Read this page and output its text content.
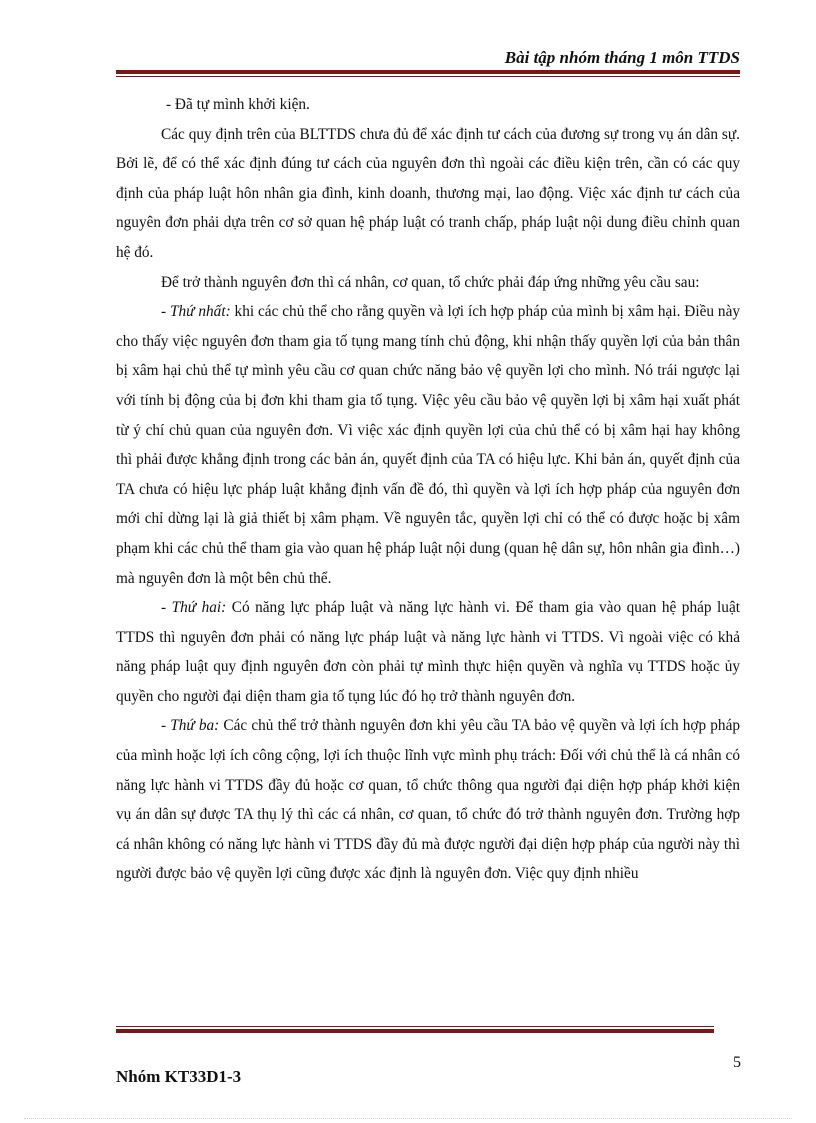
Bài tập nhóm tháng 1 môn TTDS

- Đã tự mình khởi kiện.

Các quy định trên của BLTTDS chưa đủ để xác định tư cách của đương sự trong vụ án dân sự. Bởi lẽ, để có thể xác định đúng tư cách của nguyên đơn thì ngoài các điều kiện trên, cần có các quy định của pháp luật hôn nhân gia đình, kinh doanh, thương mại, lao động. Việc xác định tư cách của nguyên đơn phải dựa trên cơ sở quan hệ pháp luật có tranh chấp, pháp luật nội dung điều chỉnh quan hệ đó.

Để trở thành nguyên đơn thì cá nhân, cơ quan, tổ chức phải đáp ứng những yêu cầu sau:

- Thứ nhất: khi các chủ thể cho rằng quyền và lợi ích hợp pháp của mình bị xâm hại. Điều này cho thấy việc nguyên đơn tham gia tố tụng mang tính chủ động, khi nhận thấy quyền lợi của bản thân bị xâm hại chủ thể tự mình yêu cầu cơ quan chức năng bảo vệ quyền lợi cho mình. Nó trái ngược lại với tính bị động của bị đơn khi tham gia tố tụng. Việc yêu cầu bảo vệ quyền lợi bị xâm hại xuất phát từ ý chí chủ quan của nguyên đơn. Vì việc xác định quyền lợi của chủ thể có bị xâm hại hay không thì phải được khẳng định trong các bản án, quyết định của TA có hiệu lực. Khi bản án, quyết định của TA chưa có hiệu lực pháp luật khẳng định vấn đề đó, thì quyền và lợi ích hợp pháp của nguyên đơn mới chỉ dừng lại là giả thiết bị xâm phạm. Về nguyên tắc, quyền lợi chỉ có thể có được hoặc bị xâm phạm khi các chủ thể tham gia vào quan hệ pháp luật nội dung (quan hệ dân sự, hôn nhân gia đình…) mà nguyên đơn là một bên chủ thể.

- Thứ hai: Có năng lực pháp luật và năng lực hành vi. Để tham gia vào quan hệ pháp luật TTDS thì nguyên đơn phải có năng lực pháp luật và năng lực hành vi TTDS. Vì ngoài việc có khả năng pháp luật quy định nguyên đơn còn phải tự mình thực hiện quyền và nghĩa vụ TTDS hoặc ủy quyền cho người đại diện tham gia tố tụng lúc đó họ trở thành nguyên đơn.

- Thứ ba: Các chủ thể trở thành nguyên đơn khi yêu cầu TA bảo vệ quyền và lợi ích hợp pháp của mình hoặc lợi ích công cộng, lợi ích thuộc lĩnh vực mình phụ trách: Đối với chủ thể là cá nhân có năng lực hành vi TTDS đầy đủ hoặc cơ quan, tổ chức thông qua người đại diện hợp pháp khởi kiện vụ án dân sự được TA thụ lý thì các cá nhân, cơ quan, tổ chức đó trở thành nguyên đơn. Trường hợp cá nhân không có năng lực hành vi TTDS đầy đủ mà được người đại diện hợp pháp của người này thì người được bảo vệ quyền lợi cũng được xác định là nguyên đơn. Việc quy định nhiều

5
Nhóm KT33D1-3
